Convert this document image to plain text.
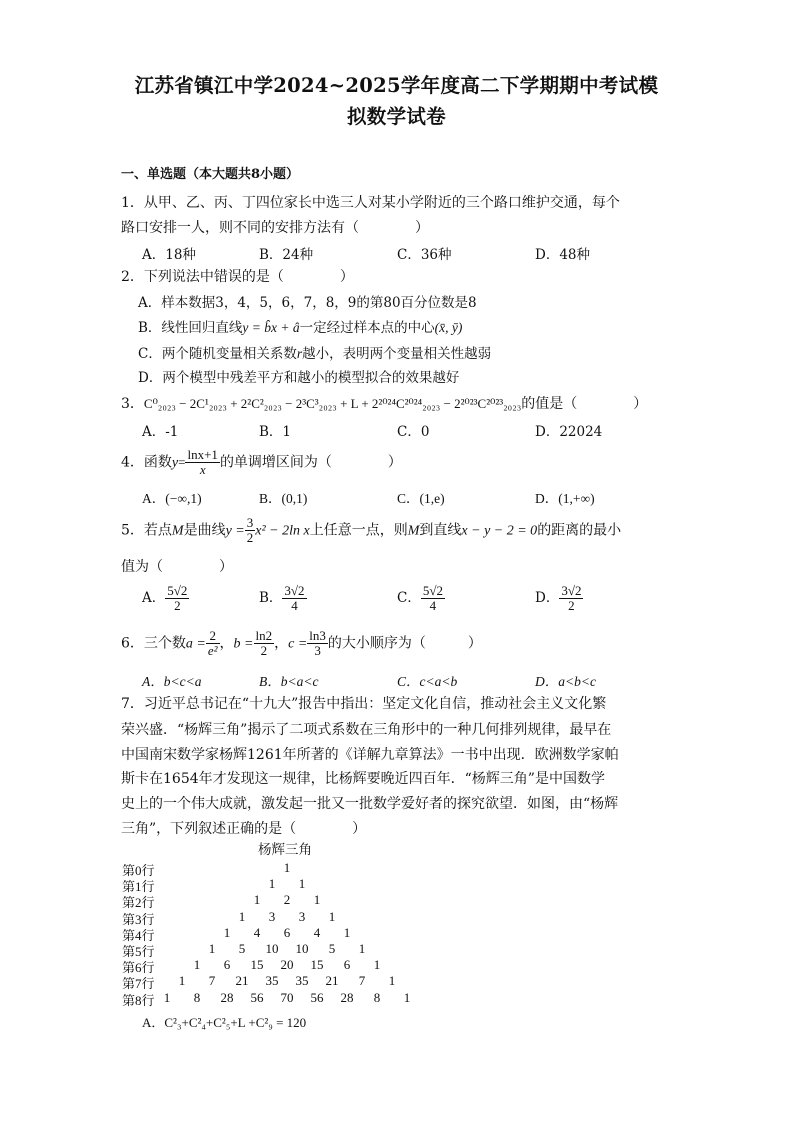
江苏省镇江中学2024~2025学年度高二下学期期中考试模
拟数学试卷
一、单选题（本大题共8小题）
1．从甲、乙、丙、丁四位家长中选三人对某小学附近的三个路口维护交通，每个
路口安排一人，则不同的安排方法有（　　　　）
A．18种	B．24种	C．36种	D．48种
2．下列说法中错误的是（　　　　）
A．样本数据3，4，5，6，7，8，9的第80百分位数是8
B．线性回归直线y = b̂x + â一定经过样本点的中心(x̄, ȳ)
C．两个随机变量相关系数r越小，表明两个变量相关性越弱
D．两个模型中残差平方和越小的模型拟合的效果越好
3．C⁰₂₀₂₃ − 2C¹₂₀₂₃ + 2²C²₂₀₂₃ − 2³C³₂₀₂₃ + L + 2²⁰²⁴C²⁰²⁴₂₀₂₃ − 2²⁰²³C²⁰²³₂₀₂₃的值是（　　　　）
A．-1	B．1	C．0	D．22024
4．函数$y= \frac{\ln x+1}{x}$ 的单调增区间为（　　　　）
A．(−∞,1)	B．(0,1)	C．(1,e)	D．(1,+∞)
5．若点M是曲线$y = \frac{3}{2} x^2 - 2\ln$ x上任意一点，则M到直线x − y − 2 = 0的距离的最小
值为（　　　　）
A． $\frac{5√2}{2}$	B． $\frac{3√2}{4}$	C． $\frac{5√2}{4}$	D． $\frac{3√2}{2}$
6．三个数$a = \frac{2}{\text{e²}}$ ，$b = \frac{\ln 2}{2}$ ，$c = \frac{\ln 3}{3}$ 的大小顺序为（　　　）
A．b<c<a	B．b<a<c	C．c<a<b	D．a<b<c
7．习近平总书记在“十九大”报告中指出：坚定文化自信，推动社会主义文化繁
荣兴盛．“杨辉三角”揭示了二项式系数在三角形中的一种几何排列规律，最早在
中国南宋数学家杨辉1261年所著的《详解九章算法》一书中出现．欧洲数学家帕
斯卡在1654年才发现这一规律，比杨辉要晚近四百年．“杨辉三角”是中国数学
史上的一个伟大成就，激发起一批又一批数学爱好者的探究欲望．如图，由“杨辉
三角”，下列叙述正确的是（　　　　）
杨辉三角
第0行	1
第1行	1	1
第2行	1	2	1
第3行	1	3	3	1
第4行	1	4	6	4	1
第5行	1	5	10	10	5	1
第6行	1	6	15	20	15	6	1
第7行	1	7	21	35	35	21	7	1
第8行 1	8	28	56	70	56	28	8	1
A．C²₃+C²₄+C²₅+L +C²₉ = 120
